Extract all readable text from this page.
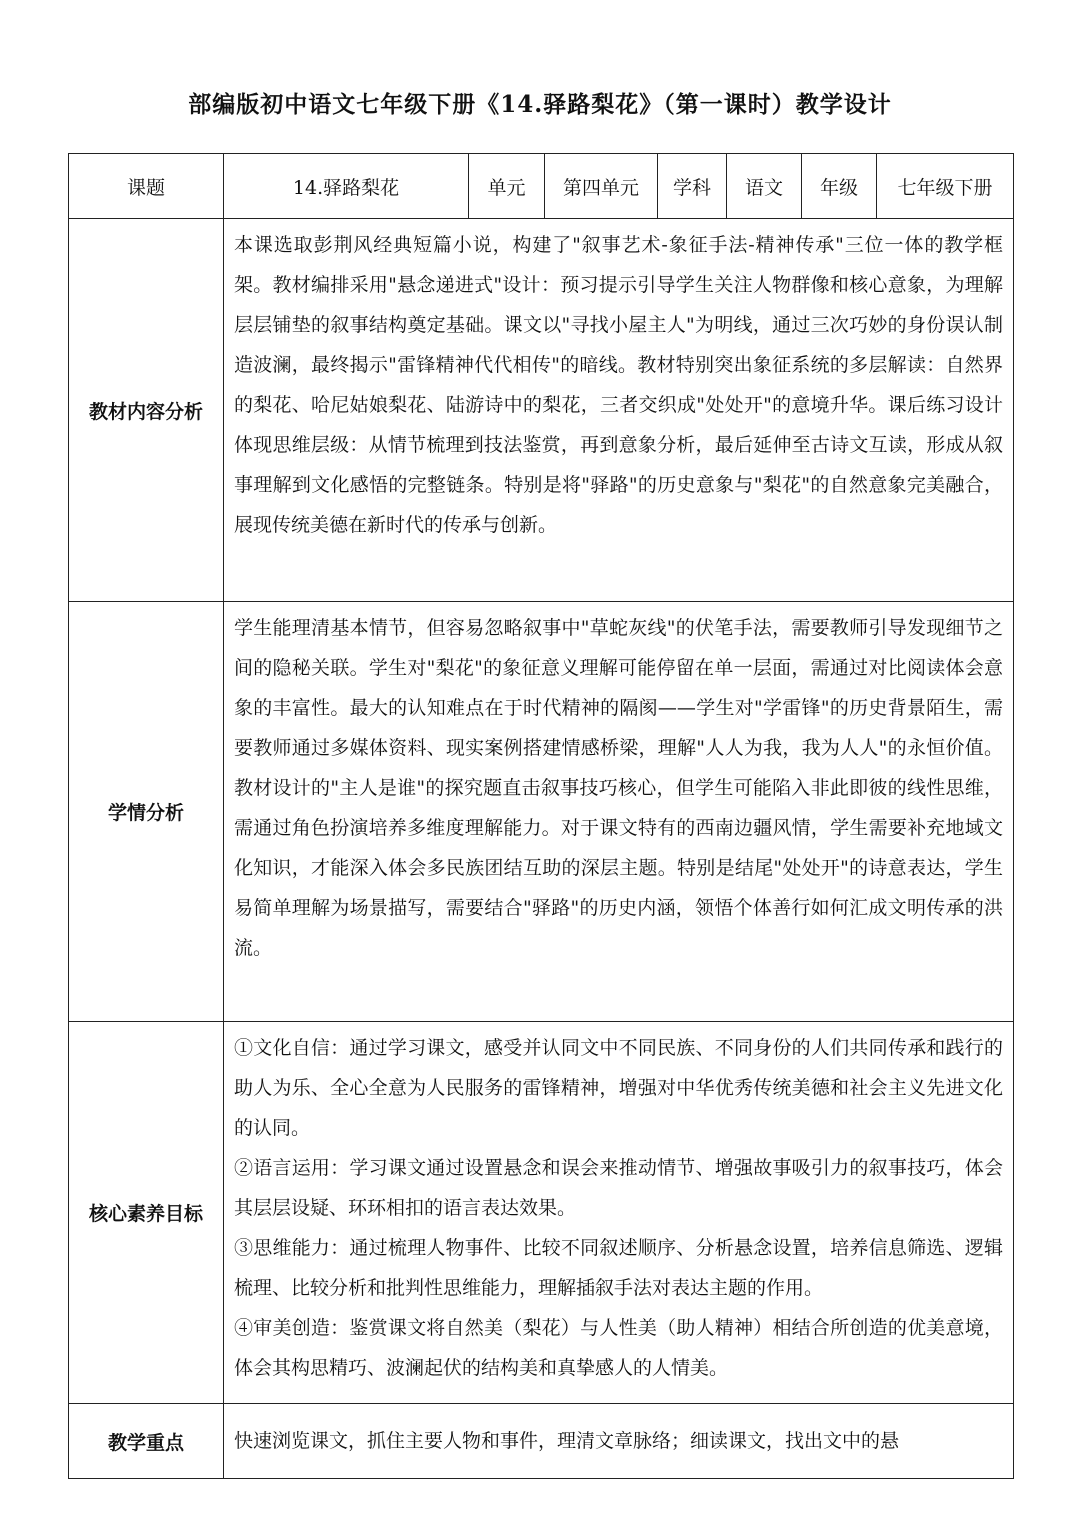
部编版初中语文七年级下册《14.驿路梨花》（第一课时）教学设计
课题	14.驿路梨花	单元	第四单元	学科	语文	年级	七年级下册
教材内容分析	本课选取彭荆风经典短篇小说，构建了"叙事艺术-象征手法-精神传承"三位一体的教学框架。教材编排采用"悬念递进式"设计：预习提示引导学生关注人物群像和核心意象，为理解层层铺垫的叙事结构奠定基础。课文以"寻找小屋主人"为明线，通过三次巧妙的身份误认制造波澜，最终揭示"雷锋精神代代相传"的暗线。教材特别突出象征系统的多层解读：自然界的梨花、哈尼姑娘梨花、陆游诗中的梨花，三者交织成"处处开"的意境升华。课后练习设计体现思维层级：从情节梳理到技法鉴赏，再到意象分析，最后延伸至古诗文互读，形成从叙事理解到文化感悟的完整链条。特别是将"驿路"的历史意象与"梨花"的自然意象完美融合，展现传统美德在新时代的传承与创新。						
学情分析	学生能理清基本情节，但容易忽略叙事中"草蛇灰线"的伏笔手法，需要教师引导发现细节之间的隐秘关联。学生对"梨花"的象征意义理解可能停留在单一层面，需通过对比阅读体会意象的丰富性。最大的认知难点在于时代精神的隔阂——学生对"学雷锋"的历史背景陌生，需要教师通过多媒体资料、现实案例搭建情感桥梁，理解"人人为我，我为人人"的永恒价值。教材设计的"主人是谁"的探究题直击叙事技巧核心，但学生可能陷入非此即彼的线性思维，需通过角色扮演培养多维度理解能力。对于课文特有的西南边疆风情，学生需要补充地域文化知识，才能深入体会多民族团结互助的深层主题。特别是结尾"处处开"的诗意表达，学生易简单理解为场景描写，需要结合"驿路"的历史内涵，领悟个体善行如何汇成文明传承的洪流。						
核心素养目标	①文化自信：通过学习课文，感受并认同文中不同民族、不同身份的人们共同传承和践行的助人为乐、全心全意为人民服务的雷锋精神，增强对中华优秀传统美德和社会主义先进文化的认同。

②语言运用：学习课文通过设置悬念和误会来推动情节、增强故事吸引力的叙事技巧，体会其层层设疑、环环相扣的语言表达效果。

③思维能力：通过梳理人物事件、比较不同叙述顺序、分析悬念设置，培养信息筛选、逻辑梳理、比较分析和批判性思维能力，理解插叙手法对表达主题的作用。

④审美创造：鉴赏课文将自然美（梨花）与人性美（助人精神）相结合所创造的优美意境，体会其构思精巧、波澜起伏的结构美和真挚感人的人情美。						

教学重点	快速浏览课文，抓住主要人物和事件，理清文章脉络；细读课文，找出文中的悬						
